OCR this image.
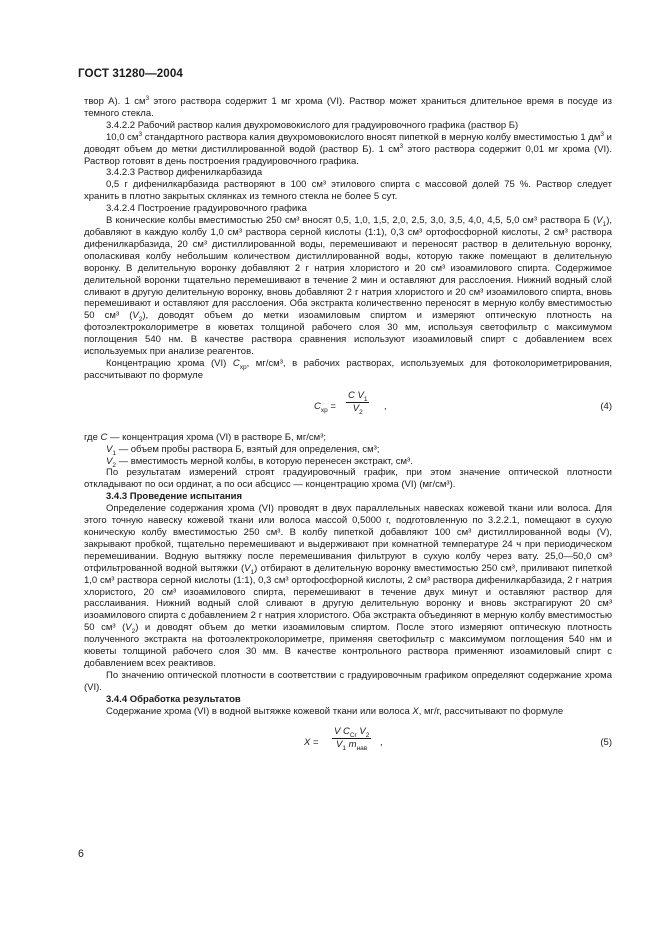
ГОСТ 31280—2004

твор А). 1 $см^3$ этого раствора содержит 1 мг хрома (VI). Раствор может храниться длительное время в посуде из темного стекла.

3.4.2.2 Рабочий раствор калия двухромовокислого для градуировочного графика (раствор Б)

10,0 $см^3$ стандартного раствора калия двухромовокислого вносят пипеткой в мерную колбу вместимостью 1 $дм^3$ и доводят объем до метки дистиллированной водой (раствор Б). 1 $см^3$ этого раствора содержит 0,01 мг хрома (VI). Раствор готовят в день построения градуировочного графика.

3.4.2.3 Раствор дифенилкарбазида

0,5 г дифенилкарбазида растворяют в 100 см³ этилового спирта с массовой долей 75 %. Раствор следует хранить в плотно закрытых склянках из темного стекла не более 5 сут.

3.4.2.4 Построение градуировочного графика

В конические колбы вместимостью 250 см³ вносят 0,5, 1,0, 1,5, 2,0, 2,5, 3,0, 3,5, 4,0, 4,5, 5,0 см³ раствора Б $(V_1)$, добавляют в каждую колбу 1,0 см³ раствора серной кислоты (1:1), 0,3 см³ ортофосфорной кислоты, 2 см³ раствора дифенилкарбазида, 20 см³ дистиллированной воды, перемешивают и переносят раствор в делительную воронку, ополаскивая колбу небольшим количеством дистиллированной воды, которую также помещают в делительную воронку. В делительную воронку добавляют 2 г натрия хлористого и 20 см³ изоамилового спирта. Содержимое делительной воронки тщательно перемешивают в течение 2 мин и оставляют для расслоения. Нижний водный слой сливают в другую делительную воронку, вновь добавляют 2 г натрия хлористого и 20 см³ изоамилового спирта, вновь перемешивают и оставляют для расслоения. Оба экстракта количественно переносят в мерную колбу вместимостью 50 см³ $(V_2)$, доводят объем до метки изоамиловым спиртом и измеряют оптическую плотность на фотоэлектроколориметре в кюветах толщиной рабочего слоя 30 мм, используя светофильтр с максимумом поглощения 540 нм. В качестве раствора сравнения используют изоамиловый спирт с добавлением всех используемых при анализе реагентов.

Концентрацию хрома (VI) $C_{хр}$, мг/см³, в рабочих растворах, используемых для фотоколориметрирования, рассчитывают по формуле

$C_{хр} = \frac{C V_1}{V_2}$ ,	(4)

где C — концентрация хрома (VI) в растворе Б, мг/см³;

$V_1$ — объем пробы раствора Б, взятый для определения, см³;

$V_2$ — вместимость мерной колбы, в которую перенесен экстракт, см³.

По результатам измерений строят градуировочный график, при этом значение оптической плотности откладывают по оси ординат, а по оси абсцисс — концентрацию хрома (VI) (мг/см³).

3.4.3 Проведение испытания

Определение содержания хрома (VI) проводят в двух параллельных навесках кожевой ткани или волоса. Для этого точную навеску кожевой ткани или волоса массой 0,5000 г, подготовленную по 3.2.2.1, помещают в сухую коническую колбу вместимостью 250 см³. В колбу пипеткой добавляют 100 см³ дистиллированной воды (V), закрывают пробкой, тщательно перемешивают и выдерживают при комнатной температуре 24 ч при периодическом перемешивании. Водную вытяжку после перемешивания фильтруют в сухую колбу через вату. 25,0—50,0 см³ отфильтрованной водной вытяжки $(V_1)$ отбирают в делительную воронку вместимостью 250 см³, приливают пипеткой 1,0 см³ раствора серной кислоты (1:1), 0,3 см³ ортофосфорной кислоты, 2 см³ раствора дифенилкарбазида, 2 г натрия хлористого, 20 см³ изоамилового спирта, перемешивают в течение двух минут и оставляют раствор для расслаивания. Нижний водный слой сливают в другую делительную воронку и вновь экстрагируют 20 см³ изоамилового спирта с добавлением 2 г натрия хлористого. Оба экстракта объединяют в мерную колбу вместимостью 50 см³ $(V_2)$ и доводят объем до метки изоамиловым спиртом. После этого измеряют оптическую плотность полученного экстракта на фотоэлектроколориметре, применяя светофильтр с максимумом поглощения 540 нм и кюветы толщиной рабочего слоя 30 мм. В качестве контрольного раствора применяют изоамиловый спирт с добавлением всех реактивов.

По значению оптической плотности в соответствии с градуировочным графиком определяют содержание хрома (VI).

3.4.4 Обработка результатов

Содержание хрома (VI) в водной вытяжке кожевой ткани или волоса X, мг/г, рассчитывают по формуле

X =
V $C_{Cr}$ $V_2$
$V_1$ $m_{нав}$
,	(5)
6
